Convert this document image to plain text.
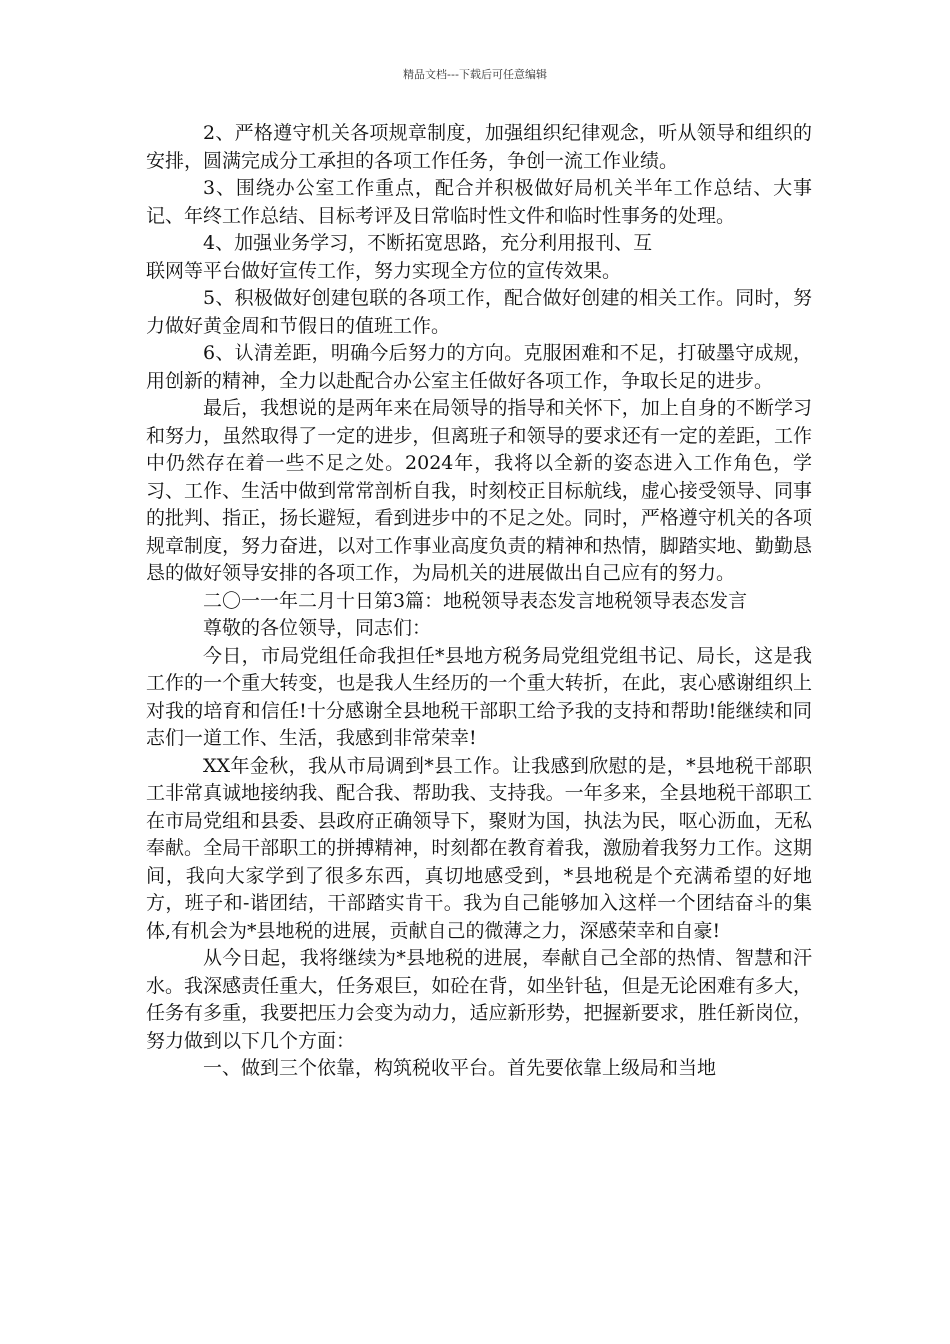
精品文档---下载后可任意编辑

2、严格遵守机关各项规章制度，加强组织纪律观念，听从领导和组织的安排，圆满完成分工承担的各项工作任务，争创一流工作业绩。

3、围绕办公室工作重点，配合并积极做好局机关半年工作总结、大事记、年终工作总结、目标考评及日常临时性文件和临时性事务的处理。

4、加强业务学习，不断拓宽思路，充分利用报刊、互

联网等平台做好宣传工作，努力实现全方位的宣传效果。

5、积极做好创建包联的各项工作，配合做好创建的相关工作。同时，努力做好黄金周和节假日的值班工作。

6、认清差距，明确今后努力的方向。克服困难和不足，打破墨守成规，用创新的精神，全力以赴配合办公室主任做好各项工作，争取长足的进步。

最后，我想说的是两年来在局领导的指导和关怀下，加上自身的不断学习和努力，虽然取得了一定的进步，但离班子和领导的要求还有一定的差距，工作中仍然存在着一些不足之处。2024年，我将以全新的姿态进入工作角色，学习、工作、生活中做到常常剖析自我，时刻校正目标航线，虚心接受领导、同事的批判、指正，扬长避短，看到进步中的不足之处。同时，严格遵守机关的各项规章制度，努力奋进，以对工作事业高度负责的精神和热情，脚踏实地、勤勤恳恳的做好领导安排的各项工作，为局机关的进展做出自己应有的努力。

二〇一一年二月十日第3篇：地税领导表态发言地税领导表态发言

尊敬的各位领导，同志们：

今日，市局党组任命我担任*县地方税务局党组党组书记、局长，这是我工作的一个重大转变，也是我人生经历的一个重大转折，在此，衷心感谢组织上对我的培育和信任!十分感谢全县地税干部职工给予我的支持和帮助!能继续和同志们一道工作、生活，我感到非常荣幸!

XX年金秋，我从市局调到*县工作。让我感到欣慰的是，*县地税干部职工非常真诚地接纳我、配合我、帮助我、支持我。一年多来，全县地税干部职工在市局党组和县委、县政府正确领导下，聚财为国，执法为民，呕心沥血，无私奉献。全局干部职工的拼搏精神，时刻都在教育着我，激励着我努力工作。这期间，我向大家学到了很多东西，真切地感受到，*县地税是个充满希望的好地方，班子和-谐团结，干部踏实肯干。我为自己能够加入这样一个团结奋斗的集体,有机会为*县地税的进展，贡献自己的微薄之力，深感荣幸和自豪!

从今日起，我将继续为*县地税的进展，奉献自己全部的热情、智慧和汗水。我深感责任重大，任务艰巨，如砼在背，如坐针毡，但是无论困难有多大，任务有多重，我要把压力会变为动力，适应新形势，把握新要求，胜任新岗位，努力做到以下几个方面：

一、做到三个依靠，构筑税收平台。首先要依靠上级局和当地
